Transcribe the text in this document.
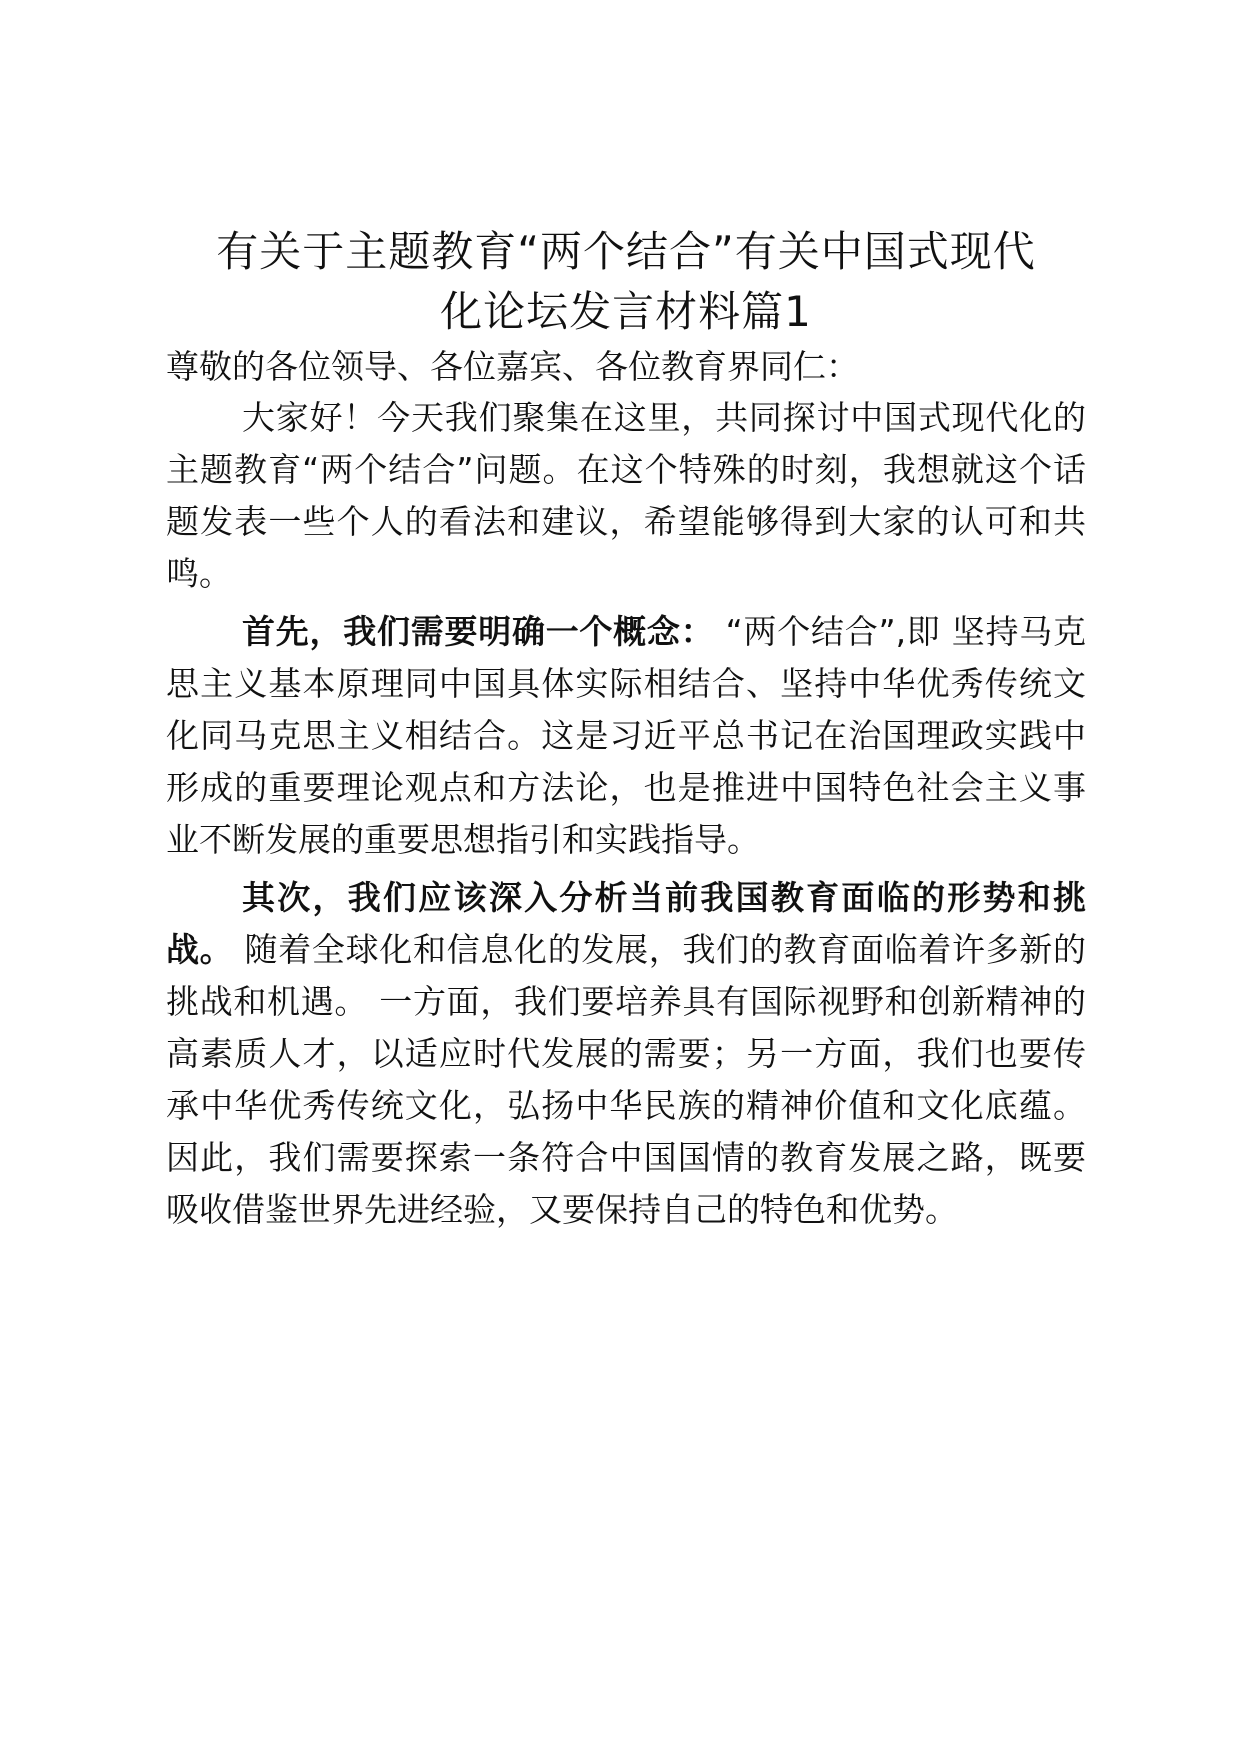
有关于主题教育“两个结合”有关中国式现代
化论坛发言材料篇1

尊敬的各位领导、各位嘉宾、各位教育界同仁：

大家好！今天我们聚集在这里，共同探讨中国式现代化的主题教育“两个结合”问题。在这个特殊的时刻，我想就这个话题发表一些个人的看法和建议，希望能够得到大家的认可和共鸣。

首先，我们需要明确一个概念： “两个结合”,即 坚持马克思主义基本原理同中国具体实际相结合、坚持中华优秀传统文化同马克思主义相结合。这是习近平总书记在治国理政实践中形成的重要理论观点和方法论，也是推进中国特色社会主义事业不断发展的重要思想指引和实践指导。

其次，我们应该深入分析当前我国教育面临的形势和挑战。 随着全球化和信息化的发展，我们的教育面临着许多新的挑战和机遇。 一方面，我们要培养具有国际视野和创新精神的高素质人才，以适应时代发展的需要；另一方面，我们也要传承中华优秀传统文化，弘扬中华民族的精神价值和文化底蕴。因此，我们需要探索一条符合中国国情的教育发展之路，既要吸收借鉴世界先进经验，又要保持自己的特色和优势。
